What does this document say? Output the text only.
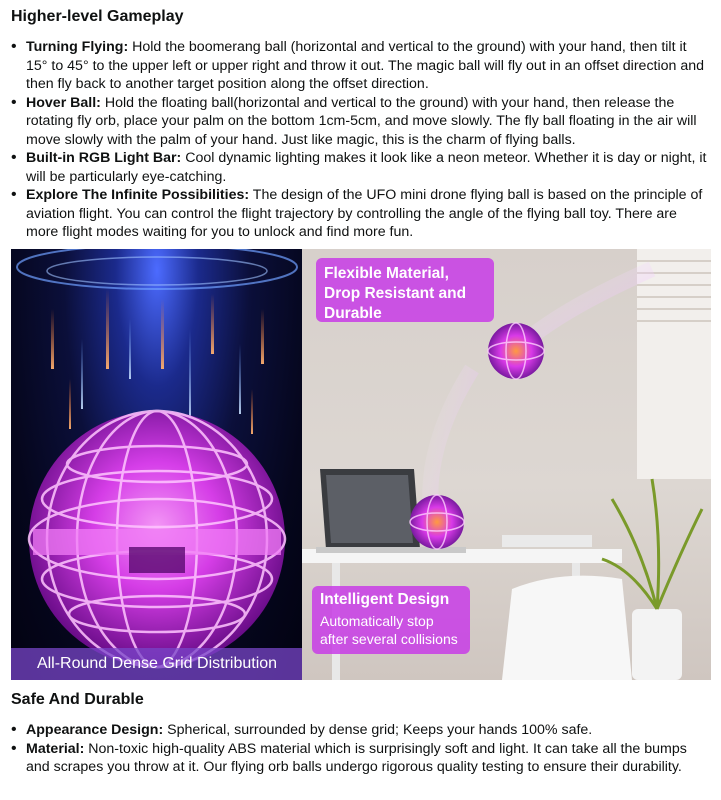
Higher-level Gameplay
• Turning Flying: Hold the boomerang ball (horizontal and vertical to the ground) with your hand, then tilt it 15° to 45° to the upper left or upper right and throw it out. The magic ball will fly out in an offset direction and then fly back to another target position along the offset direction.
• Hover Ball: Hold the floating ball(horizontal and vertical to the ground) with your hand, then release the rotating fly orb, place your palm on the bottom 1cm-5cm, and move slowly. The fly ball floating in the air will move slowly with the palm of your hand. Just like magic, this is the charm of flying balls.
• Built-in RGB Light Bar: Cool dynamic lighting makes it look like a neon meteor. Whether it is day or night, it will be particularly eye-catching.
• Explore The Infinite Possibilities: The design of the UFO mini drone flying ball is based on the principle of aviation flight. You can control the flight trajectory by controlling the angle of the flying ball toy. There are more flight modes waiting for you to unlock and find more fun.
All-Round Dense Grid Distribution
Flexible Material, Drop Resistant and Durable
Intelligent Design
Automatically stop after several collisions
Safe And Durable
• Appearance Design: Spherical, surrounded by dense grid; Keeps your hands 100% safe.
• Material: Non-toxic high-quality ABS material which is surprisingly soft and light. It can take all the bumps and scrapes you throw at it. Our flying orb balls undergo rigorous quality testing to ensure their durability.
